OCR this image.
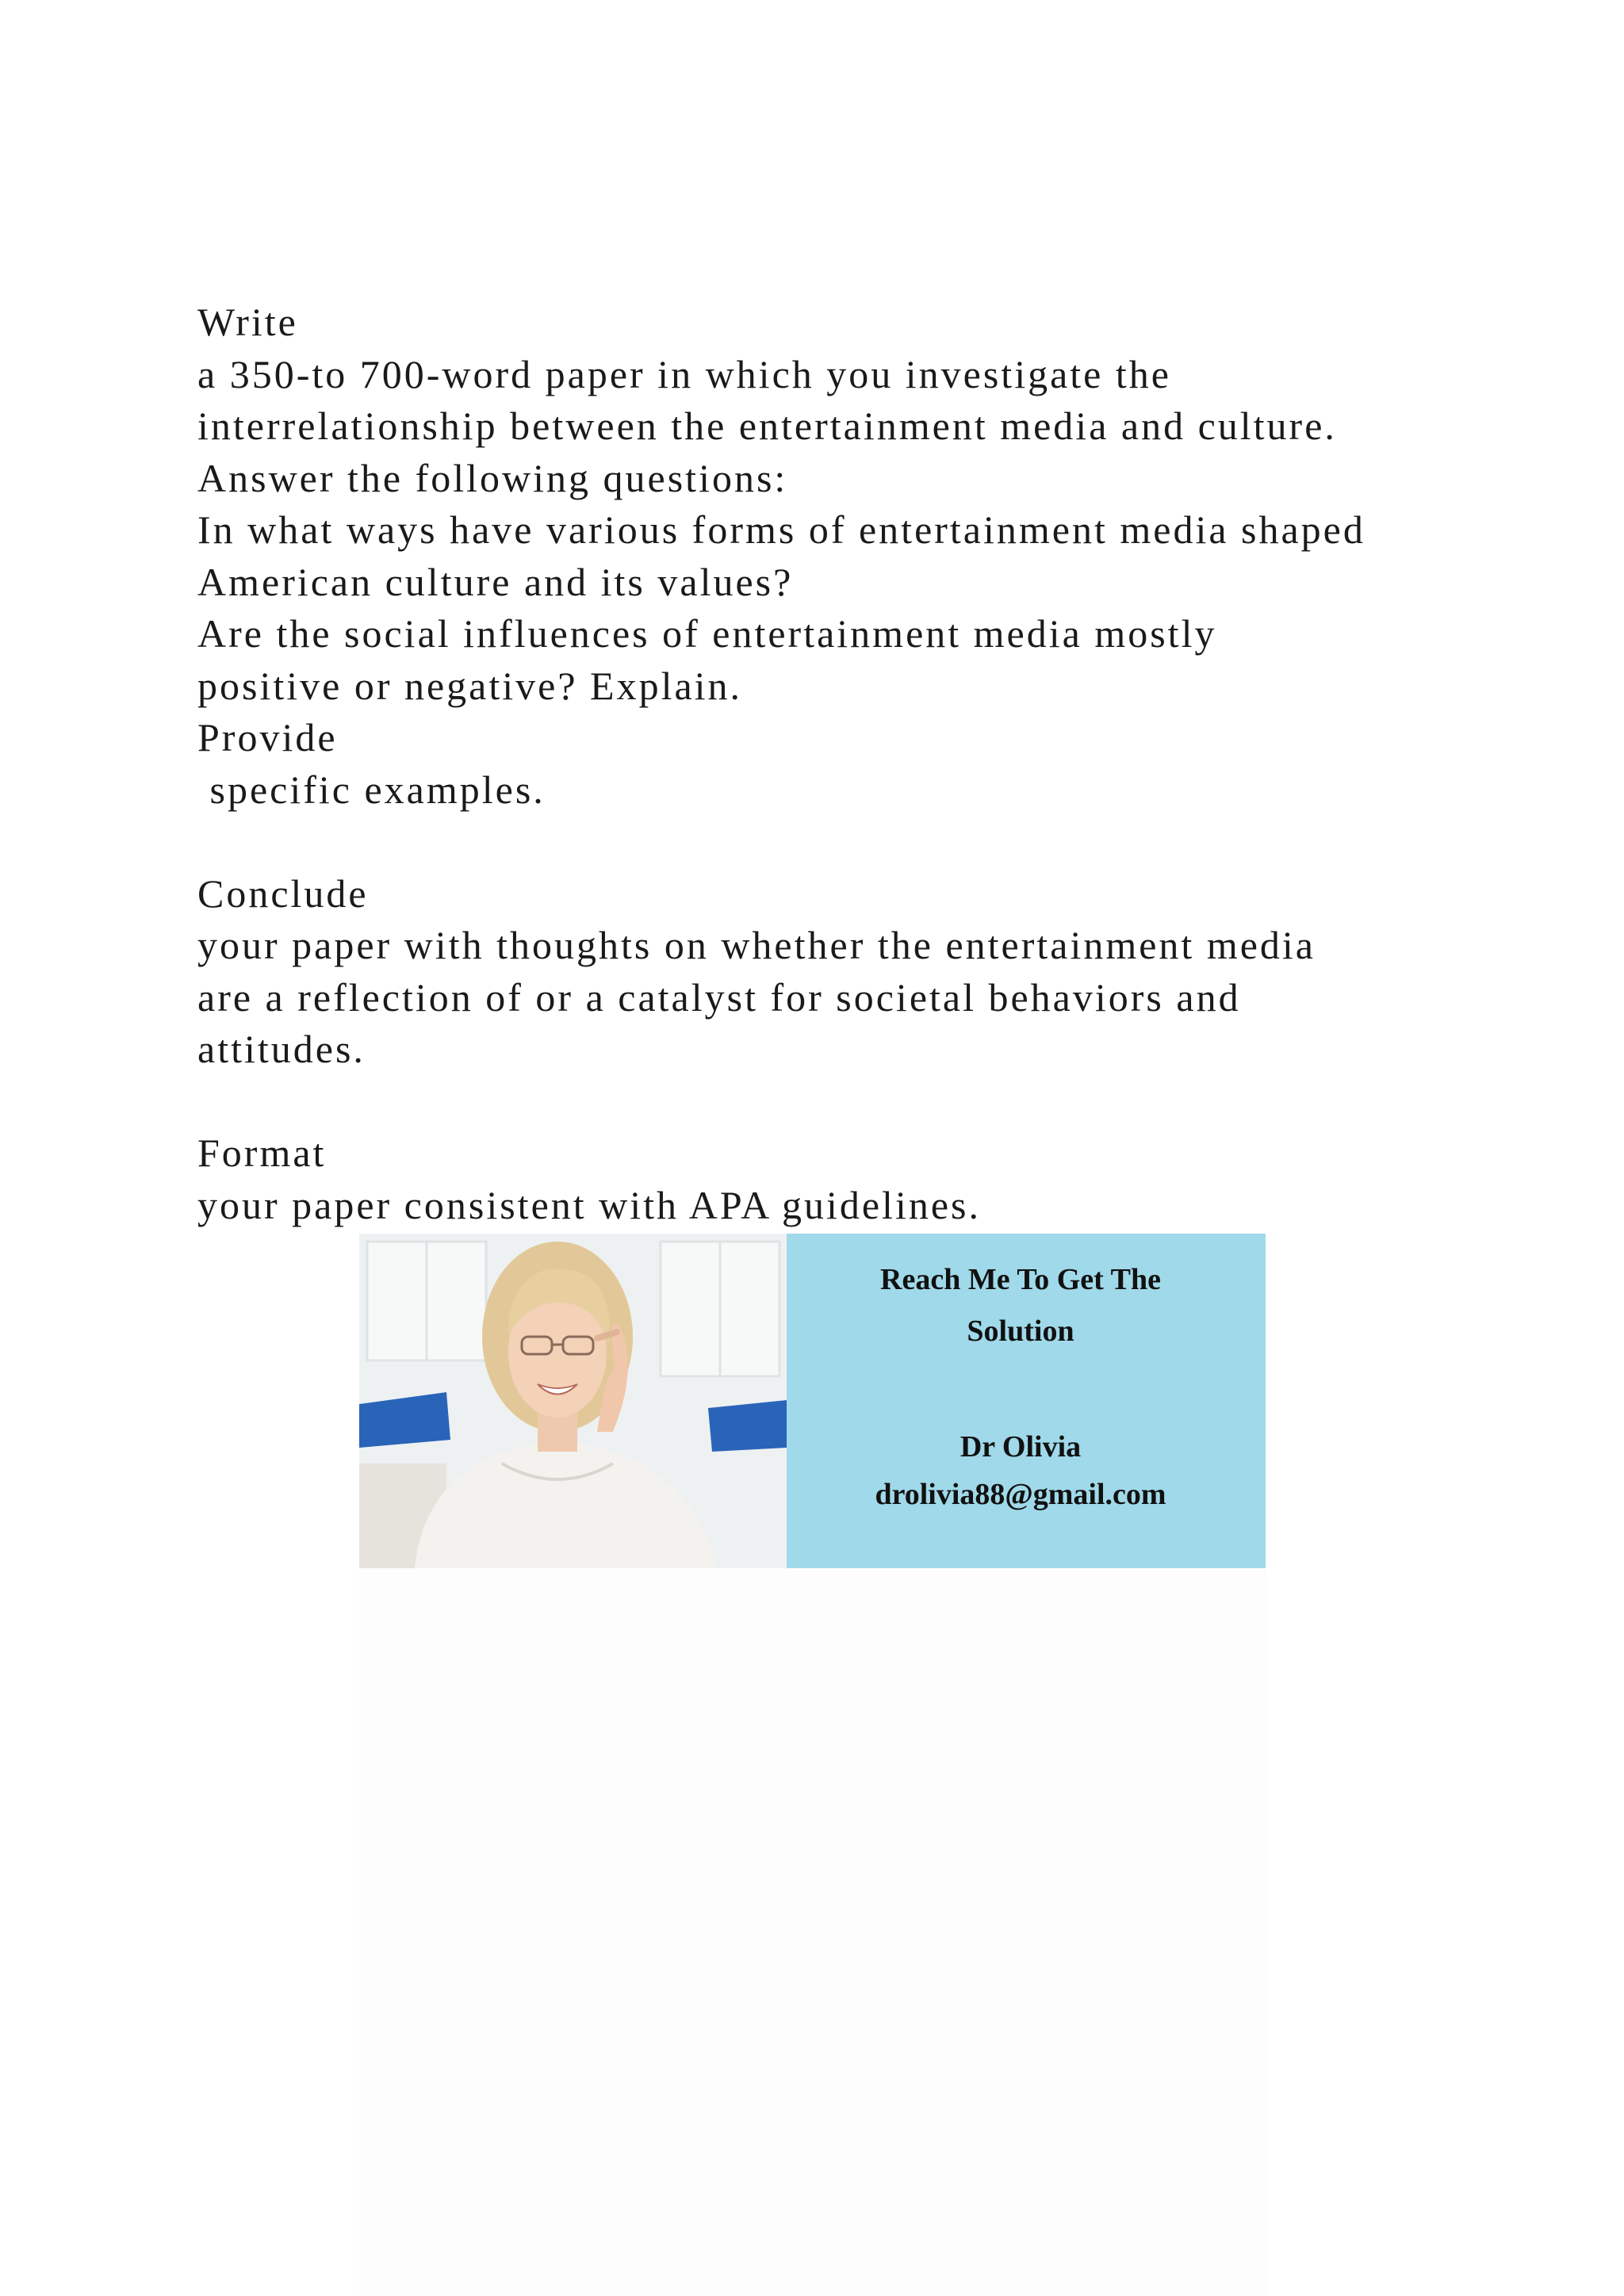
Write
a 350-to 700-word paper in which you investigate the
interrelationship between the entertainment media and culture.
Answer the following questions:
In what ways have various forms of entertainment media shaped
American culture and its values?
Are the social influences of entertainment media mostly
positive or negative? Explain.
Provide
specific examples.
Conclude
your paper with thoughts on whether the entertainment media
are a reflection of or a catalyst for societal behaviors and
attitudes.
Format
your paper consistent with APA guidelines.
Reach Me To Get The
Solution
Dr Olivia
drolivia88@gmail.com
